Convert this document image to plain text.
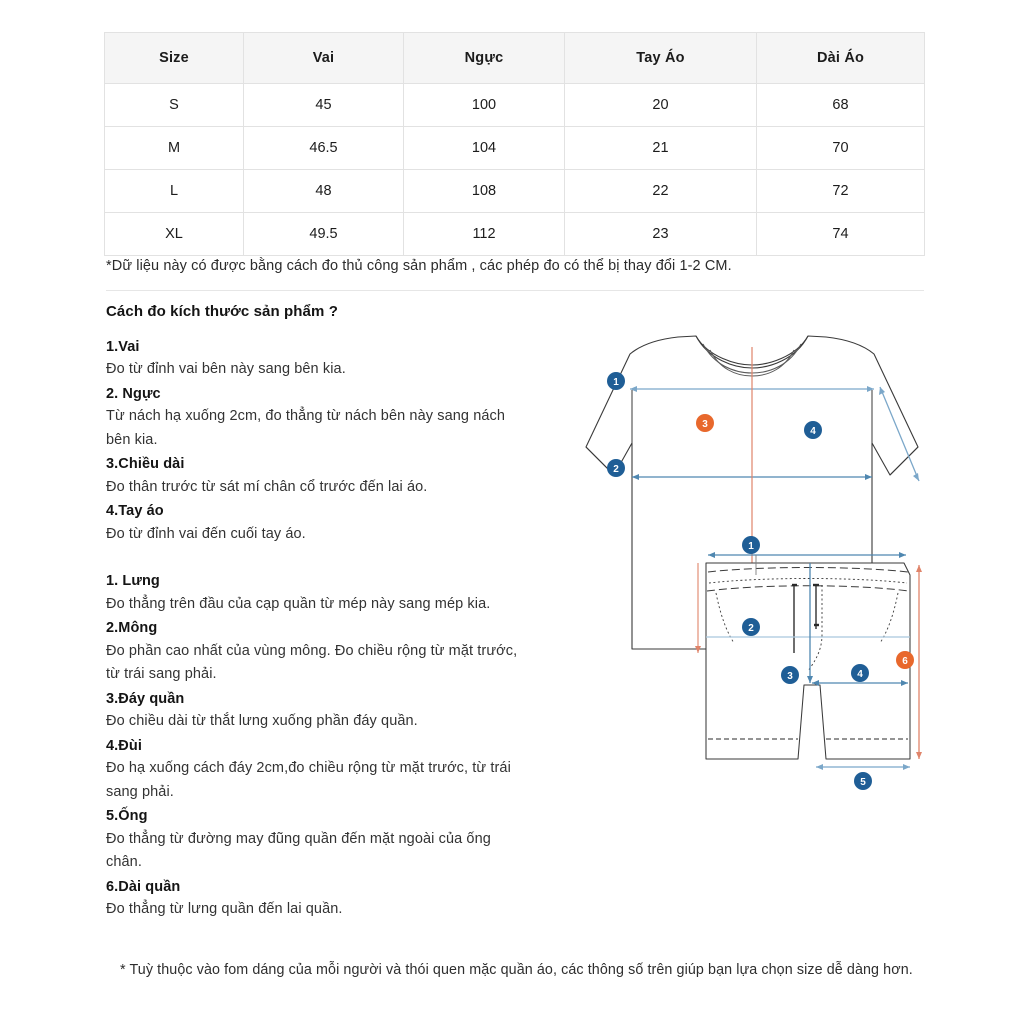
Size	Vai	Ngực	Tay Áo	Dài Áo
S	45	100	20	68
M	46.5	104	21	70
L	48	108	22	72
XL	49.5	112	23	74
*Dữ liệu này có được bằng cách đo thủ công sản phẩm , các phép đo có thể bị thay đổi 1-2 CM.
Cách đo kích thước sản phẩm ?
1.Vai
Đo từ đỉnh vai bên này sang bên kia.
2. Ngực
Từ nách hạ xuống 2cm, đo thẳng từ nách bên này sang nách bên kia.
3.Chiều dài
Đo thân trước từ sát mí chân cổ trước đến lai áo.
4.Tay áo
Đo từ đỉnh vai đến cuối tay áo.
1. Lưng
Đo thẳng trên đầu của cạp quần từ mép này sang mép kia.
2.Mông
Đo phần cao nhất của vùng mông. Đo chiều rộng từ mặt trước, từ trái sang phải.
3.Đáy quần
Đo chiều dài từ thắt lưng xuống phần đáy quần.
4.Đùi
Đo hạ xuống cách đáy 2cm,đo chiều rộng từ mặt trước, từ trái sang phải.
5.Ống
Đo thẳng từ đường may đũng quần đến mặt ngoài của ống chân.
6.Dài quần
Đo thẳng từ lưng quần đến lai quần.
* Tuỳ thuộc vào fom dáng của mỗi người và thói quen mặc quần áo, các thông số trên giúp bạn lựa chọn size dễ dàng hơn.
1
2
3
4
1
2
3	4
5
6
